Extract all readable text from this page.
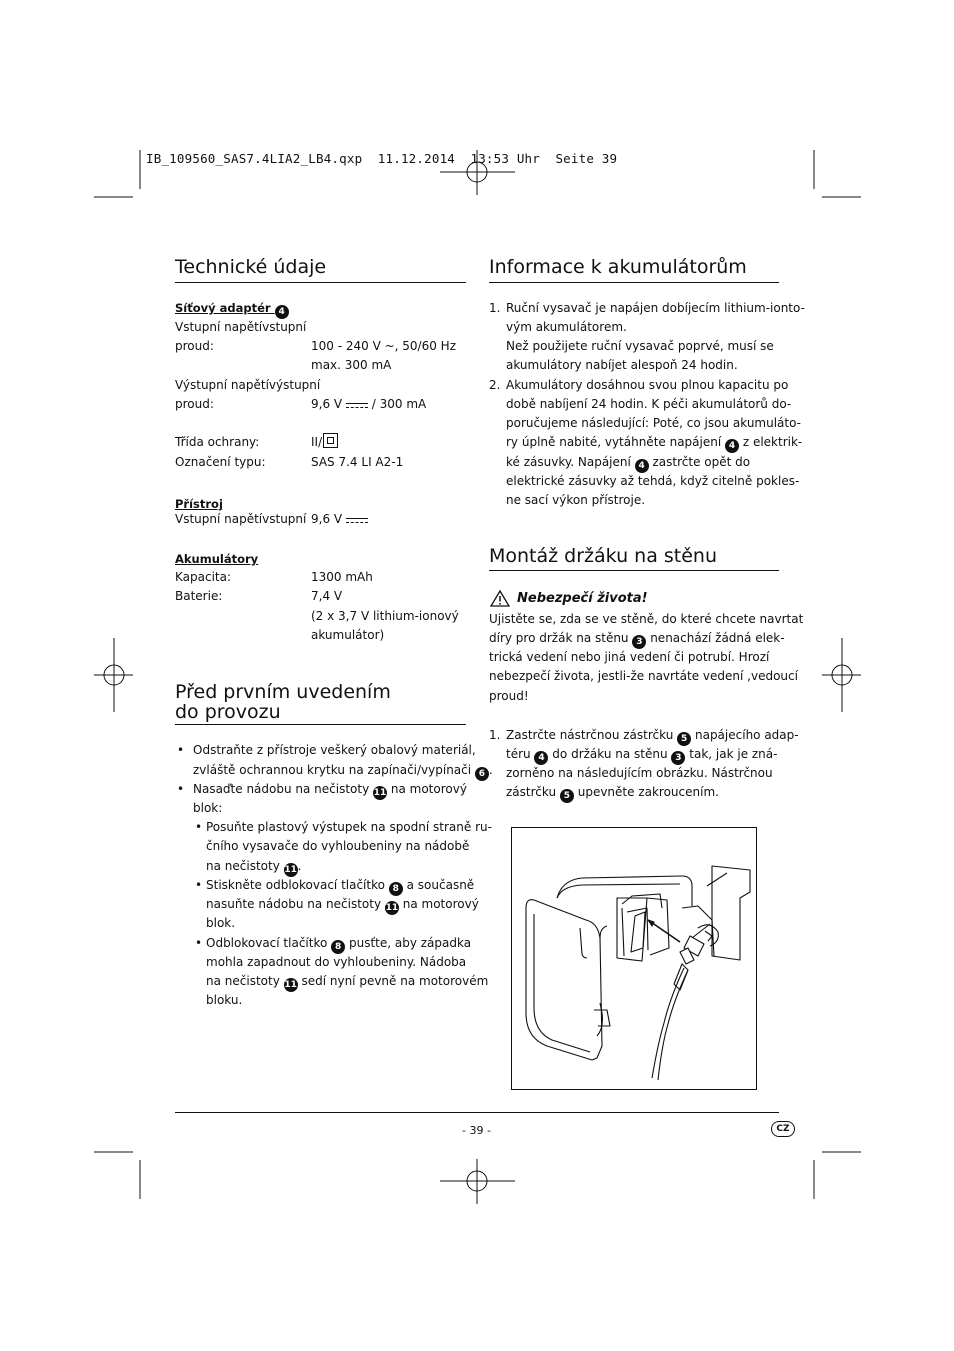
IB_109560_SAS7.4LIA2_LB4.qxp  11.12.2014  13:53 Uhr  Seite 39
Technické údaje
Síťový adaptér 4
Vstupní napětívstupní
proud:	100 - 240 V ~, 50/60 Hz
max. 300 mA
Výstupní napětívýstupní
proud:	9,6 V / 300 mA
Třída ochrany:	II/
Označení typu:	SAS 7.4 LI A2-1
Přístroj
Vstupní napětívstupní 9,6 V
Akumulátory
Kapacita:	1300 mAh
Baterie:	7,4 V
(2 x 3,7 V lithium-ionový
akumulátor)
Před prvním uvedením
do provozu
• Odstraňte z přístroje veškerý obalový materiál,
zvláště ochrannou krytku na zapínači/vypínači 6 .
• Nasaďte nádobu na nečistoty 11 na motorový
blok:
• Posuňte plastový výstupek na spodní straně ru-
čního vysavače do vyhloubeniny na nádobě
na nečistoty 11.
• Stiskněte odblokovací tlačítko 8 a současně
nasuňte nádobu na nečistoty 11 na motorový
blok.
• Odblokovací tlačítko 8 pusťte, aby západka
mohla zapadnout do vyhloubeniny. Nádoba
na nečistoty 11 sedí nyní pevně na motorovém
bloku.
Informace k akumulátorům
1. Ruční vysavač je napájen dobíjecím lithium-ionto-
vým akumulátorem.
Než použijete ruční vysavač poprvé, musí se
akumulátory nabíjet alespoň 24 hodin.
2. Akumulátory dosáhnou svou plnou kapacitu po
době nabíjení 24 hodin. K péči akumulátorů do-
poručujeme následující: Poté, co jsou akumuláto-
ry úplně nabité, vytáhněte napájení 4 z elektrik-
ké zásuvky. Napájení 4 zastrčte opět do
elektrické zásuvky až tehdá, když citelně pokles-
ne sací výkon přístroje.
Montáž držáku na stěnu
Nebezpečí života!
Ujistěte se, zda se ve stěně, do které chcete navrtat
díry pro držák na stěnu 3 nenachází žádná elek-
trická vedení nebo jiná vedení či potrubí. Hrozí
nebezpečí života, jestli-že navrtáte vedení ,vedoucí
proud!
1. Zastrčte nástrčnou zástrčku 5 napájecího adap-
téru 4 do držáku na stěnu 3 tak, jak je zná-
zorněno na následujícím obrázku. Nástrčnou
zástrčku 5 upevněte zakroucením.
- 39 -	CZ
